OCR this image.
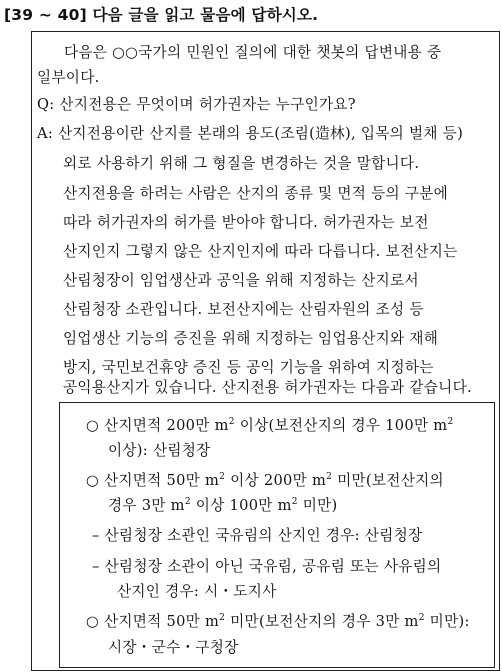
[39 ~ 40] 다음 글을 읽고 물음에 답하시오.
다음은 ○○국가의 민원인 질의에 대한 챗봇의 답변내용 중
일부이다.
Q: 산지전용은 무엇이며 허가권자는 누구인가요?
A: 산지전용이란 산지를 본래의 용도(조림(造林), 입목의 벌채 등)
외로 사용하기 위해 그 형질을 변경하는 것을 말합니다.
산지전용을 하려는 사람은 산지의 종류 및 면적 등의 구분에
따라 허가권자의 허가를 받아야 합니다. 허가권자는 보전
산지인지 그렇지 않은 산지인지에 따라 다릅니다. 보전산지는
산림청장이 임업생산과 공익을 위해 지정하는 산지로서
산림청장 소관입니다. 보전산지에는 산림자원의 조성 등
임업생산 기능의 증진을 위해 지정하는 임업용산지와 재해
방지, 국민보건휴양 증진 등 공익 기능을 위하여 지정하는
공익용산지가 있습니다. 산지전용 허가권자는 다음과 같습니다.
○ 산지면적 200만 $m^2$ 이상(보전산지의 경우 100만 $m^2$
이상): 산림청장
○ 산지면적 50만 $m^2$ 이상 200만 $m^2$ 미만(보전산지의
경우 3만 $m^2$ 이상 100만 $m^2$ 미만)
– 산림청장 소관인 국유림의 산지인 경우: 산림청장
– 산림청장 소관이 아닌 국유림, 공유림 또는 사유림의
산지인 경우: 시・도지사
○ 산지면적 50만 $m^2$ 미만(보전산지의 경우 3만 $m^2$ 미만):
시장・군수・구청장
